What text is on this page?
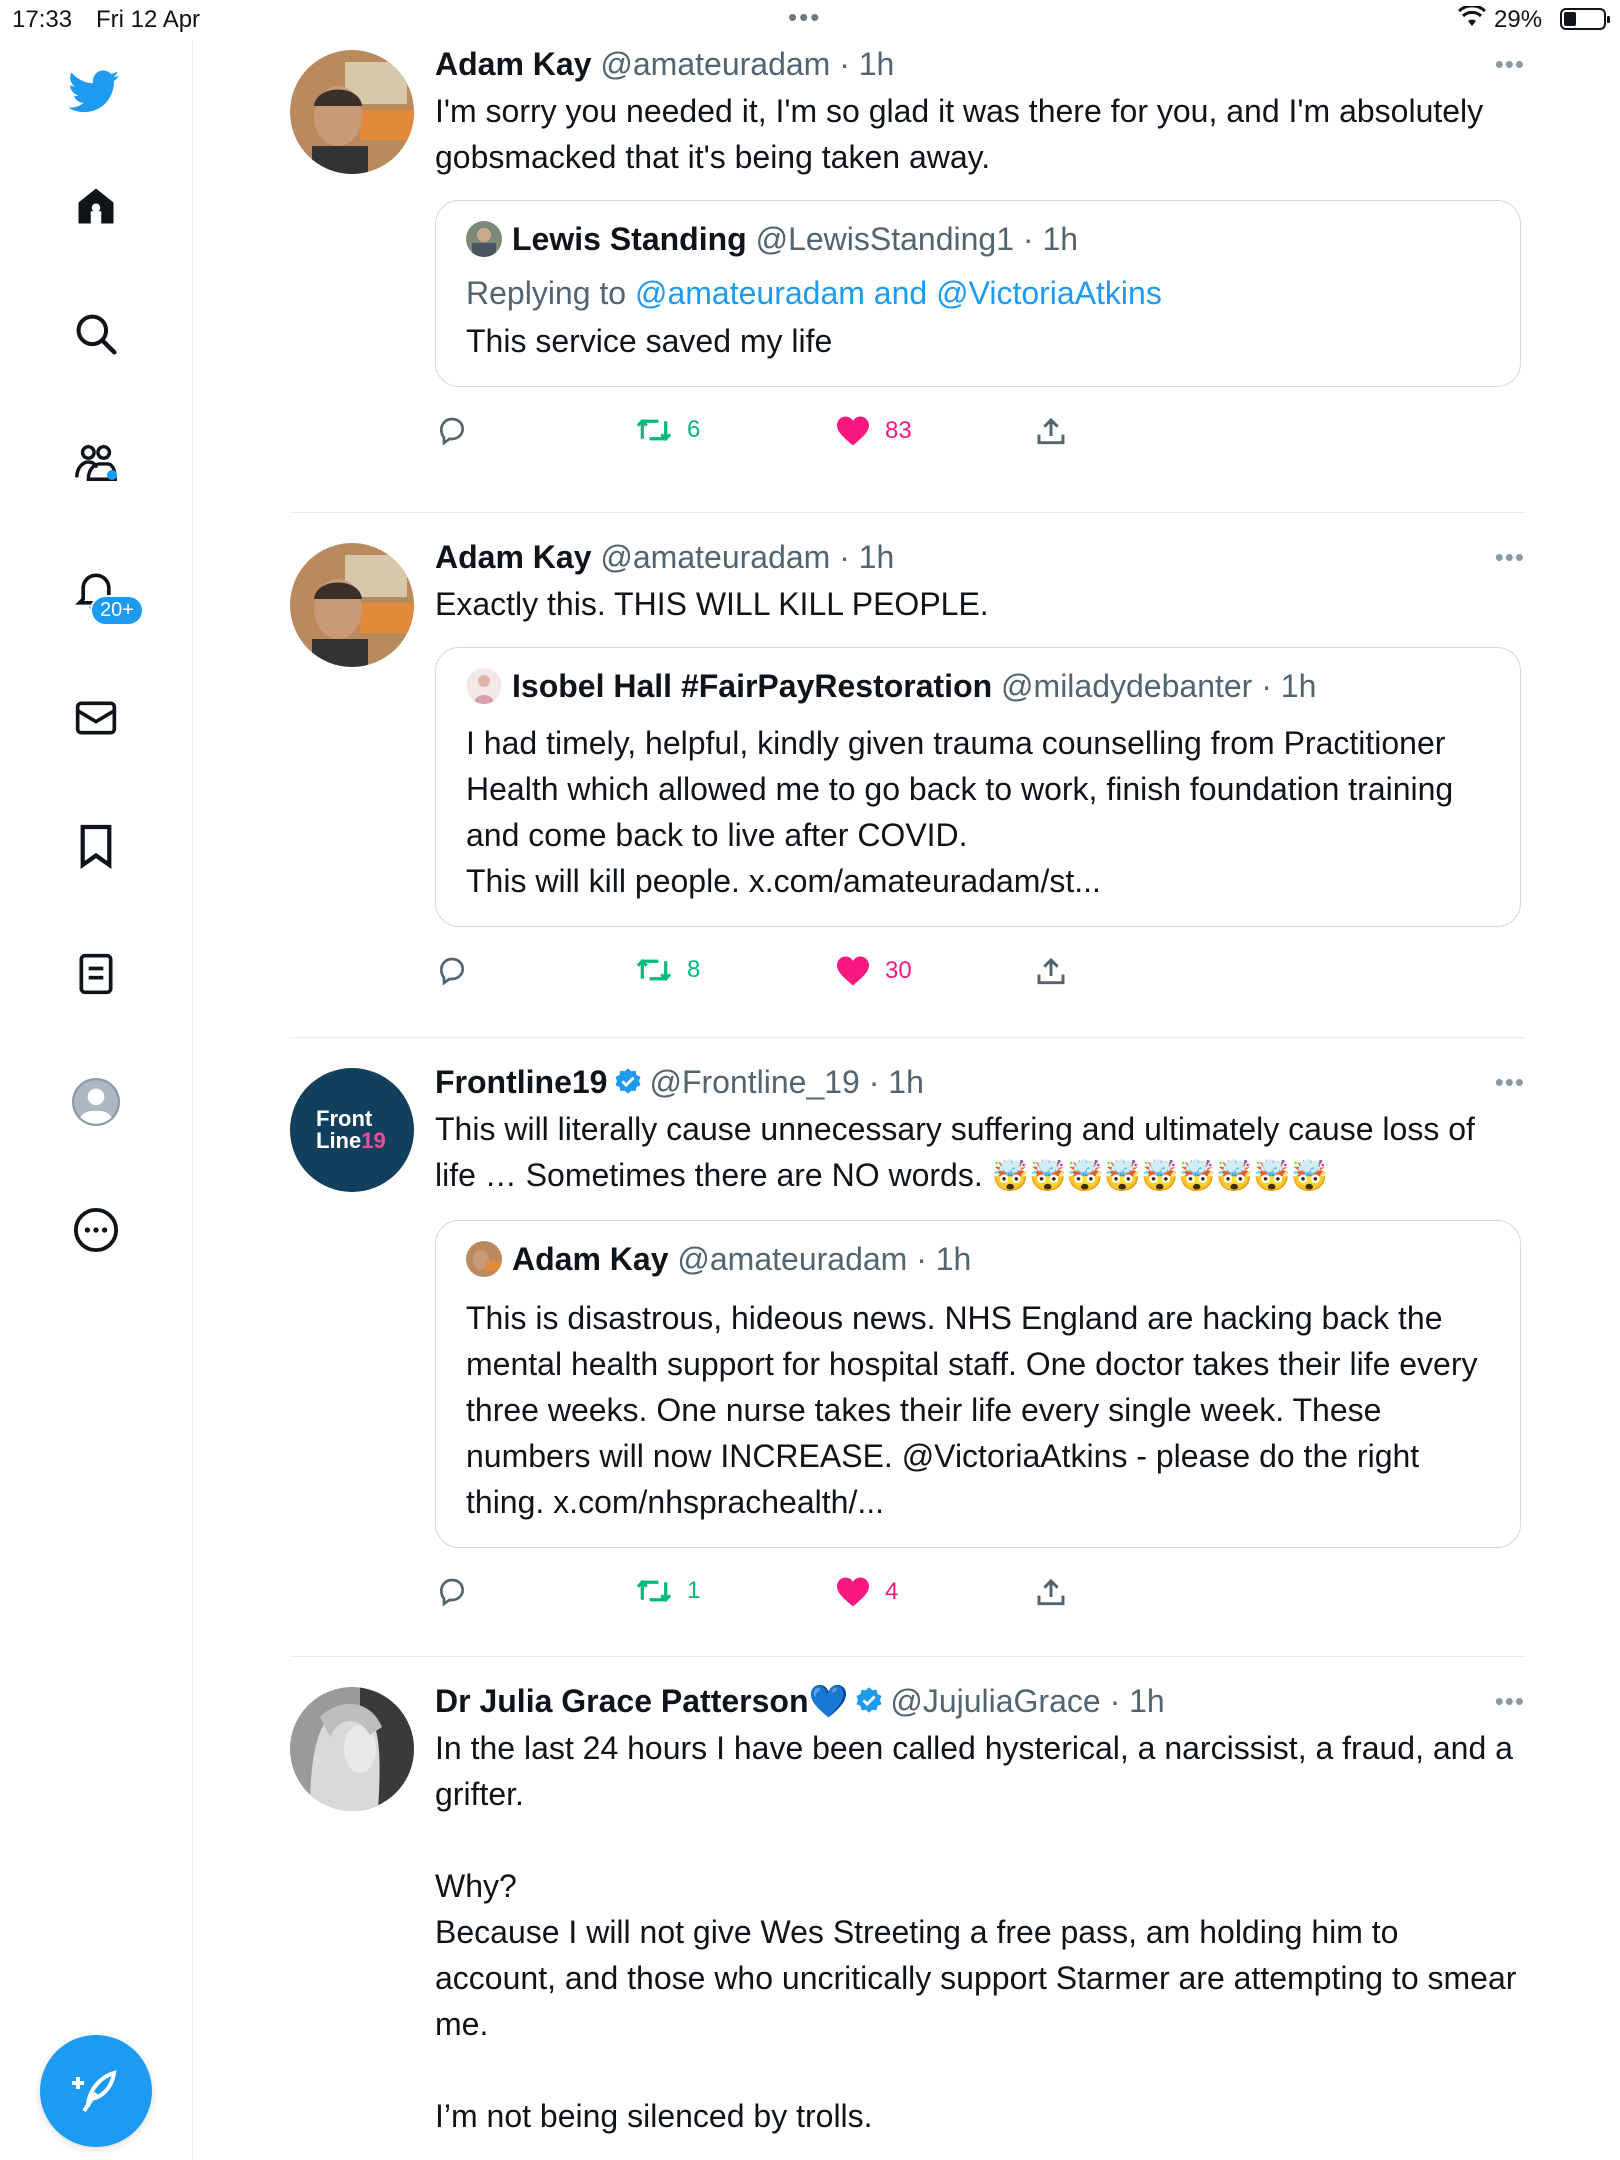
17:33 Fri 12 Apr	•••	29%
20+
Adam Kay
@amateuradam · 1h	•••

I'm sorry you needed it, I'm so glad it was there for you, and I'm absolutely gobsmacked that it's being taken away.

Lewis Standing
@LewisStanding1 · 1h
Replying to @amateuradam and @VictoriaAtkins

This service saved my life

6	83
Adam Kay
@amateuradam · 1h	•••

Exactly this. THIS WILL KILL PEOPLE.

Isobel Hall #FairPayRestoration
@miladydebanter · 1h

I had timely, helpful, kindly given trauma counselling from Practitioner Health which allowed me to go back to work, finish foundation training and come back to live after COVID.
This will kill people. x.com/amateuradam/st...

8	30
Front
Line19
Frontline19 @Frontline_19 · 1h	•••

This will literally cause unnecessary suffering and ultimately cause loss of life … Sometimes there are NO words. 🤯🤯🤯🤯🤯🤯🤯🤯🤯

Adam Kay
@amateuradam · 1h

This is disastrous, hideous news. NHS England are hacking back the mental health support for hospital staff. One doctor takes their life every three weeks. One nurse takes their life every single week. These numbers will now INCREASE. @VictoriaAtkins - please do the right thing. x.com/nhsprachealth/...

1	4
Dr Julia Grace Patterson💙 @JujuliaGrace · 1h	•••

In the last 24 hours I have been called hysterical, a narcissist, a fraud, and a grifter.

Why?
Because I will not give Wes Streeting a free pass, am holding him to account, and those who uncritically support Starmer are attempting to smear me.

I’m not being silenced by trolls.
